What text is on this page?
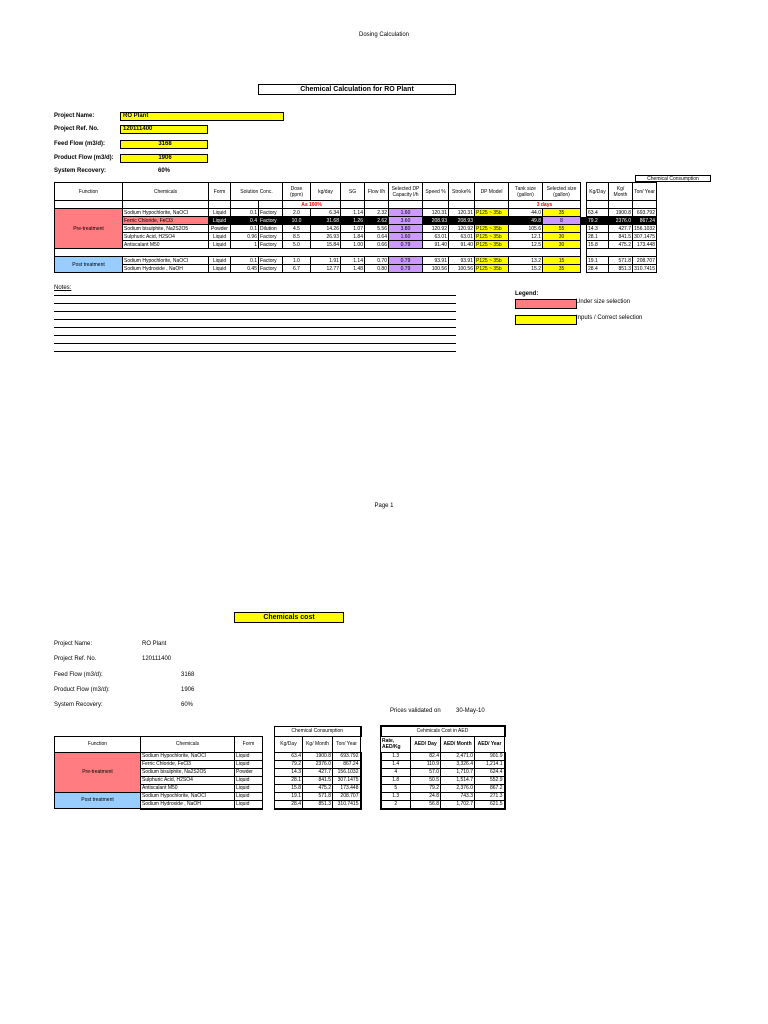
Dosing Calculation
Chemical Calculation for RO Plant
Project Name:	RO Plant
Project Ref. No.	120111400
Feed Flow (m3/d):	3168
Product Flow (m3/d):	1906
System Recovery:	60%
Function	Chemicals	Form	Solution Conc.		Dose (ppm)	kg/day	SG	Flow l/h	Selected DP Capacity l/h	Speed %	Stroke%	DP Model	Tank size (gallon)	Selected size (gallon)		Kg/Day	Kg/ Month	Ton/ Year
					As 100%								3 days					
Pre-treatment	Sodium Hypochlorite, NaOCl	Liquid	0.1	Factory	2.0	6.34	1.14	2.32	1.60	120.31	120.31	P125 ~ 35b	44.0	35		63.4	1900.8	693.792
	Ferric Chloride, FeCl3	Liquid	0.4	Factory	10.0	31.68	1.26	2.62	3.60	208.93	208.93		49.8	8		79.2	2376.0	867.24
	Sodium bisulphite, Na2S2O5	Powder	0.1	Dilution	4.5	14.26	1.07	5.56	3.80	120.92	120.92	P125 ~ 35b	105.6	55		14.3	427.7	156.1032
	Sulphuric Acid, H2SO4	Liquid	0.96	Factory	8.5	26.93	1.84	0.64	1.60	63.01	63.01	P125 ~ 35b	12.1	30		28.1	841.5	307.1475
	Antiscalant M50	Liquid	1	Factory	5.0	15.84	1.00	0.66	0.79	91.40	91.40	P125 ~ 35b	12.5	30		15.8	475.2	173.448

Post treatment	Sodium Hypochlorite, NaOCl	Liquid	0.1	Factory	1.0	1.91	1.14	0.70	0.79	93.91	93.91	P125 ~ 35b	13.2	15		19.1	571.8	208.707
	Sodium Hydroxide , NaOH	Liquid	0.45	Factory	6.7	12.77	1.48	0.80	0.79	100.56	100.56	P125 ~ 35b	15.2	35		28.4	851.3	310.7415
Chemical Consumption
Notes:
Legend:
Under size selection
Inputs / Correct selection
Page 1
Chemicals cost
Project Name:	RO Plant
Project Ref. No.	120111400
Feed Flow (m3/d):	3168
Product Flow (m3/d):	1906
System Recovery:	60%
Prices validated on	30-May-10
				Chemical Consumption				Cehmicals Cost in AED			
Function	Chemicals	Form		Kg/Day	Kg/ Month	Ton/ Year		Rate, AED/Kg	AED/ Day	AED/ Month	AED/ Year
Pre-treatment	Sodium Hypochlorite, NaOCl	Liquid		63.4	1900.8	693.792		1.3	82.4	2,471.0	901.9
	Ferric Chloride, FeCl3	Liquid		79.2	2376.0	867.24		1.4	110.9	3,326.4	1,214.1
	Sodium bisulphite, Na2S2O5	Powder		14.3	427.7	156.1032		4	57.0	1,710.7	624.4
	Sulphuric Acid, H2SO4	Liquid		28.1	841.5	307.1475		1.8	50.5	1,514.7	552.9
	Antiscalant M50	Liquid		15.8	475.2	173.448		5	79.2	2,376.0	867.2
Post treatment	Sodium Hypochlorite, NaOCl	Liquid		19.1	571.8	208.707		1.3	24.8	743.3	271.3
	Sodium Hydroxide , NaOH	Liquid		28.4	851.3	310.7415		2	56.8	1,702.7	621.5
